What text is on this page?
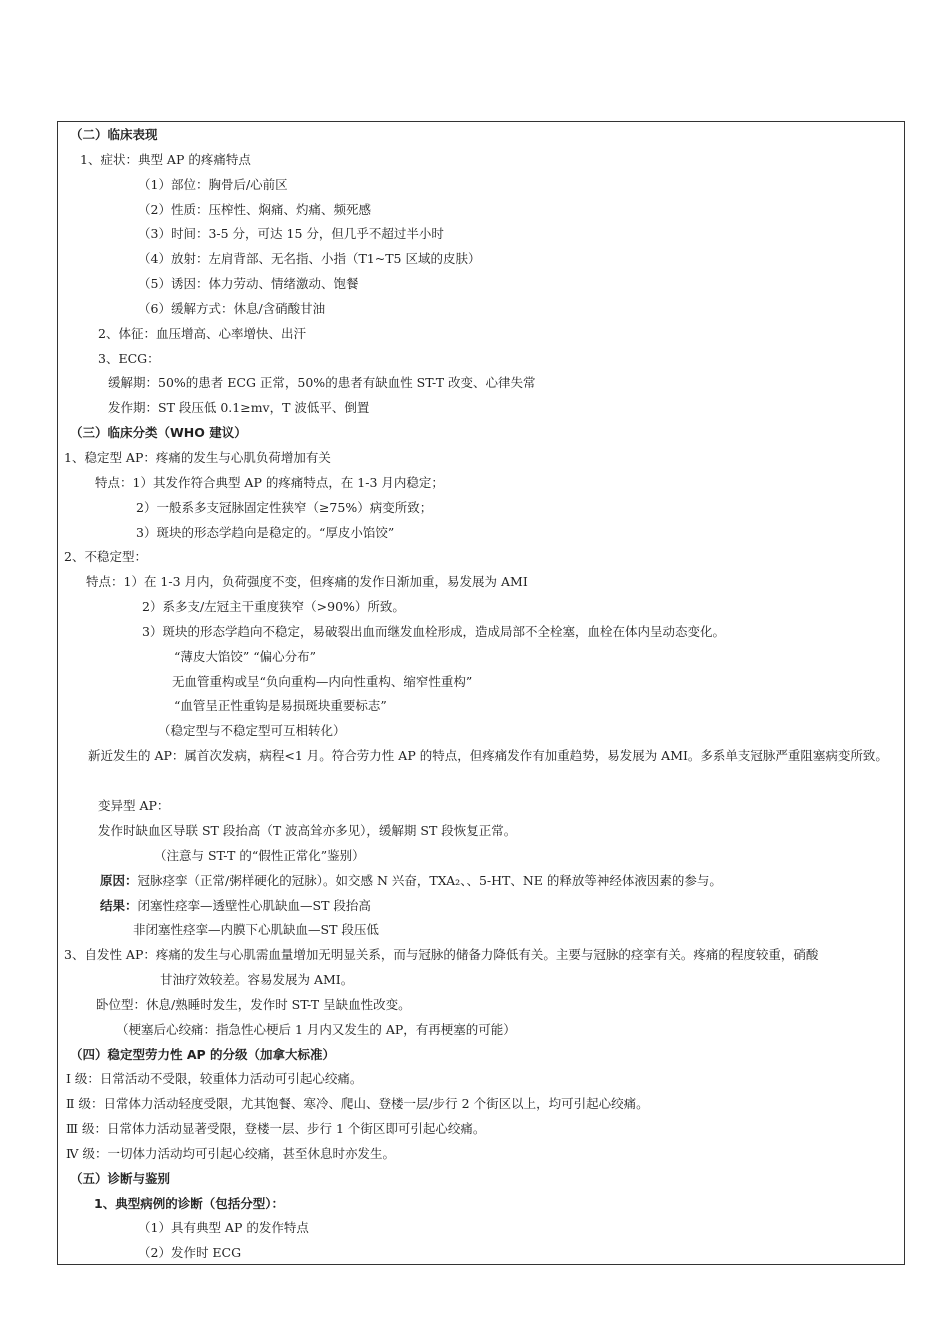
（二）临床表现
1、症状：典型 AP 的疼痛特点
（1）部位：胸骨后/心前区
（2）性质：压榨性、焖痛、灼痛、频死感
（3）时间：3-5 分，可达 15 分，但几乎不超过半小时
（4）放射：左肩背部、无名指、小指（T1~T5 区域的皮肤）
（5）诱因：体力劳动、情绪激动、饱餐
（6）缓解方式：休息/含硝酸甘油
2、体征：血压增高、心率增快、出汗
3、ECG：
缓解期：50%的患者 ECG 正常，50%的患者有缺血性 ST-T 改变、心律失常
发作期：ST 段压低 0.1≥mv，T 波低平、倒置
（三）临床分类（WHO 建议）
1、稳定型 AP：疼痛的发生与心肌负荷增加有关
特点：1）其发作符合典型 AP 的疼痛特点，在 1-3 月内稳定；
2）一般系多支冠脉固定性狭窄（≥75%）病变所致；
3）斑块的形态学趋向是稳定的。“厚皮小馅饺”
2、不稳定型：
特点：1）在 1-3 月内，负荷强度不变，但疼痛的发作日渐加重，易发展为 AMI
2）系多支/左冠主干重度狭窄（>90%）所致。
3）斑块的形态学趋向不稳定，易破裂出血而继发血栓形成，造成局部不全栓塞，血栓在体内呈动态变化。
“薄皮大馅饺” “偏心分布”
无血管重构或呈“负向重构—内向性重构、缩窄性重构”
“血管呈正性重钩是易损斑块重要标志”
（稳定型与不稳定型可互相转化）
新近发生的 AP：属首次发病，病程<1 月。符合劳力性 AP 的特点，但疼痛发作有加重趋势，易发展为 AMI。多系单支冠脉严重阻塞病变所致。
变异型 AP：
发作时缺血区导联 ST 段抬高（T 波高耸亦多见），缓解期 ST 段恢复正常。
（注意与 ST-T 的“假性正常化”鉴别）
原因：冠脉痉挛（正常/粥样硬化的冠脉）。如交感 N 兴奋，TXA₂、、5-HT、NE 的释放等神经体液因素的参与。
结果：闭塞性痉挛—透壁性心肌缺血—ST 段抬高
非闭塞性痉挛—内膜下心肌缺血—ST 段压低
3、自发性 AP：疼痛的发生与心肌需血量增加无明显关系，而与冠脉的储备力降低有关。主要与冠脉的痉挛有关。疼痛的程度较重，硝酸
甘油疗效较差。容易发展为 AMI。
卧位型：休息/熟睡时发生，发作时 ST-T 呈缺血性改变。
（梗塞后心绞痛：指急性心梗后 1 月内又发生的 AP，有再梗塞的可能）
（四）稳定型劳力性 AP 的分级（加拿大标准）
Ⅰ 级：日常活动不受限，较重体力活动可引起心绞痛。
Ⅱ 级：日常体力活动轻度受限，尤其饱餐、寒冷、爬山、登楼一层/步行 2 个街区以上，均可引起心绞痛。
Ⅲ 级：日常体力活动显著受限，登楼一层、步行 1 个街区即可引起心绞痛。
Ⅳ 级：一切体力活动均可引起心绞痛，甚至休息时亦发生。
（五）诊断与鉴别
1、典型病例的诊断（包括分型）：
（1）具有典型 AP 的发作特点
（2）发作时 ECG
